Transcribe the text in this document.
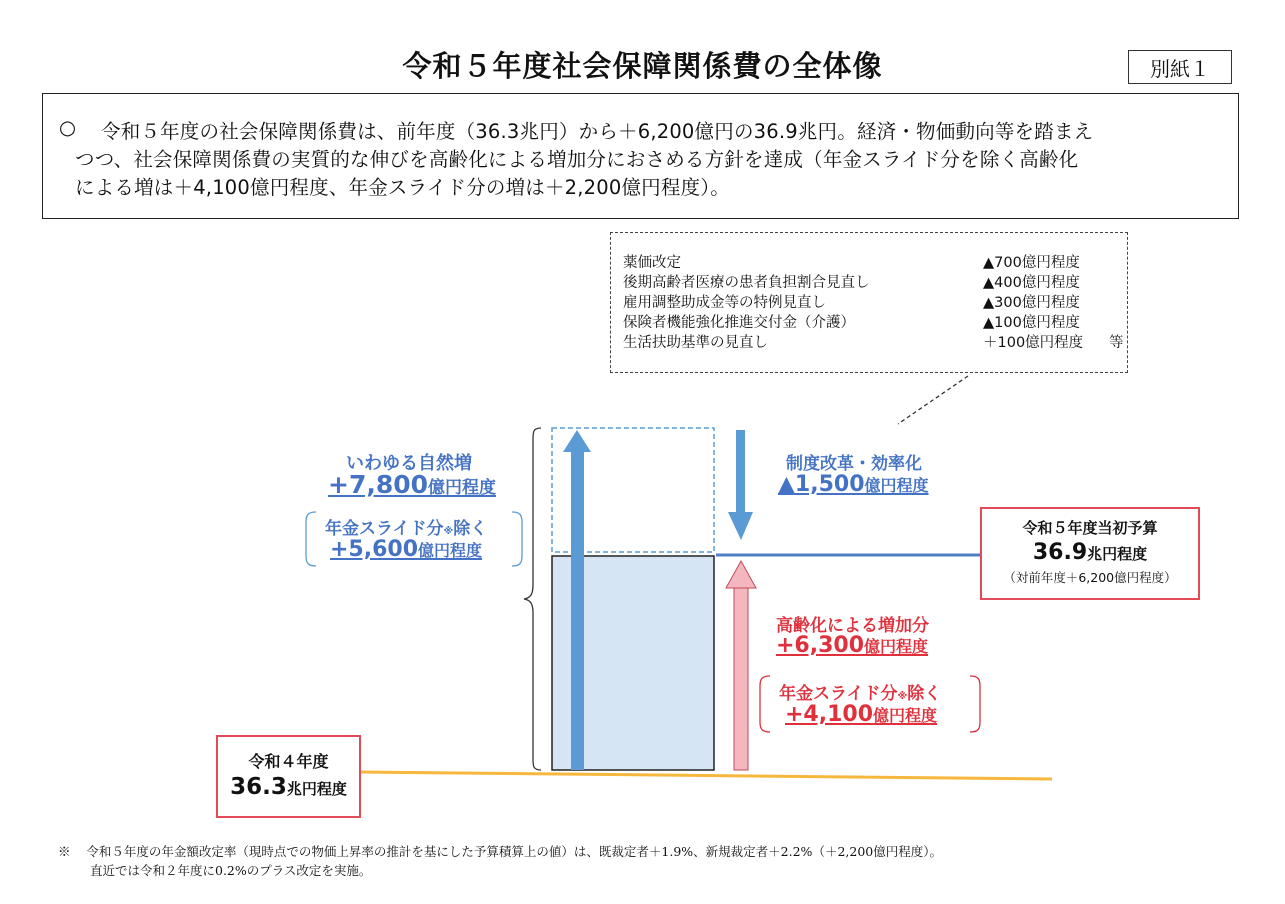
令和５年度社会保障関係費の全体像	別紙１
○ 令和５年度の社会保障関係費は、前年度（36.3兆円）から＋6,200億円の36.9兆円。経済・物価動向等を踏まえ
つつ、社会保障関係費の実質的な伸びを高齢化による増加分におさめる方針を達成（年金スライド分を除く高齢化
による増は＋4,100億円程度、年金スライド分の増は＋2,200億円程度）。
薬価改定	▲700億円程度
後期高齢者医療の患者負担割合見直し	▲400億円程度
雇用調整助成金等の特例見直し	▲300億円程度
保険者機能強化推進交付金（介護）	▲100億円程度
生活扶助基準の見直し	＋100億円程度 等
いわゆる自然増
+7,800億円程度
年金スライド分※除く
+5,600億円程度
制度改革・効率化
▲1,500億円程度
高齢化による増加分
+6,300億円程度
年金スライド分※除く
+4,100億円程度
令和５年度当初予算
36.9兆円程度
（対前年度＋6,200億円程度）
令和４年度
36.3兆円程度
※ 令和５年度の年金額改定率（現時点での物価上昇率の推計を基にした予算積算上の値）は、既裁定者＋1.9%、新規裁定者＋2.2%（＋2,200億円程度）。
直近では令和２年度に0.2%のプラス改定を実施。
